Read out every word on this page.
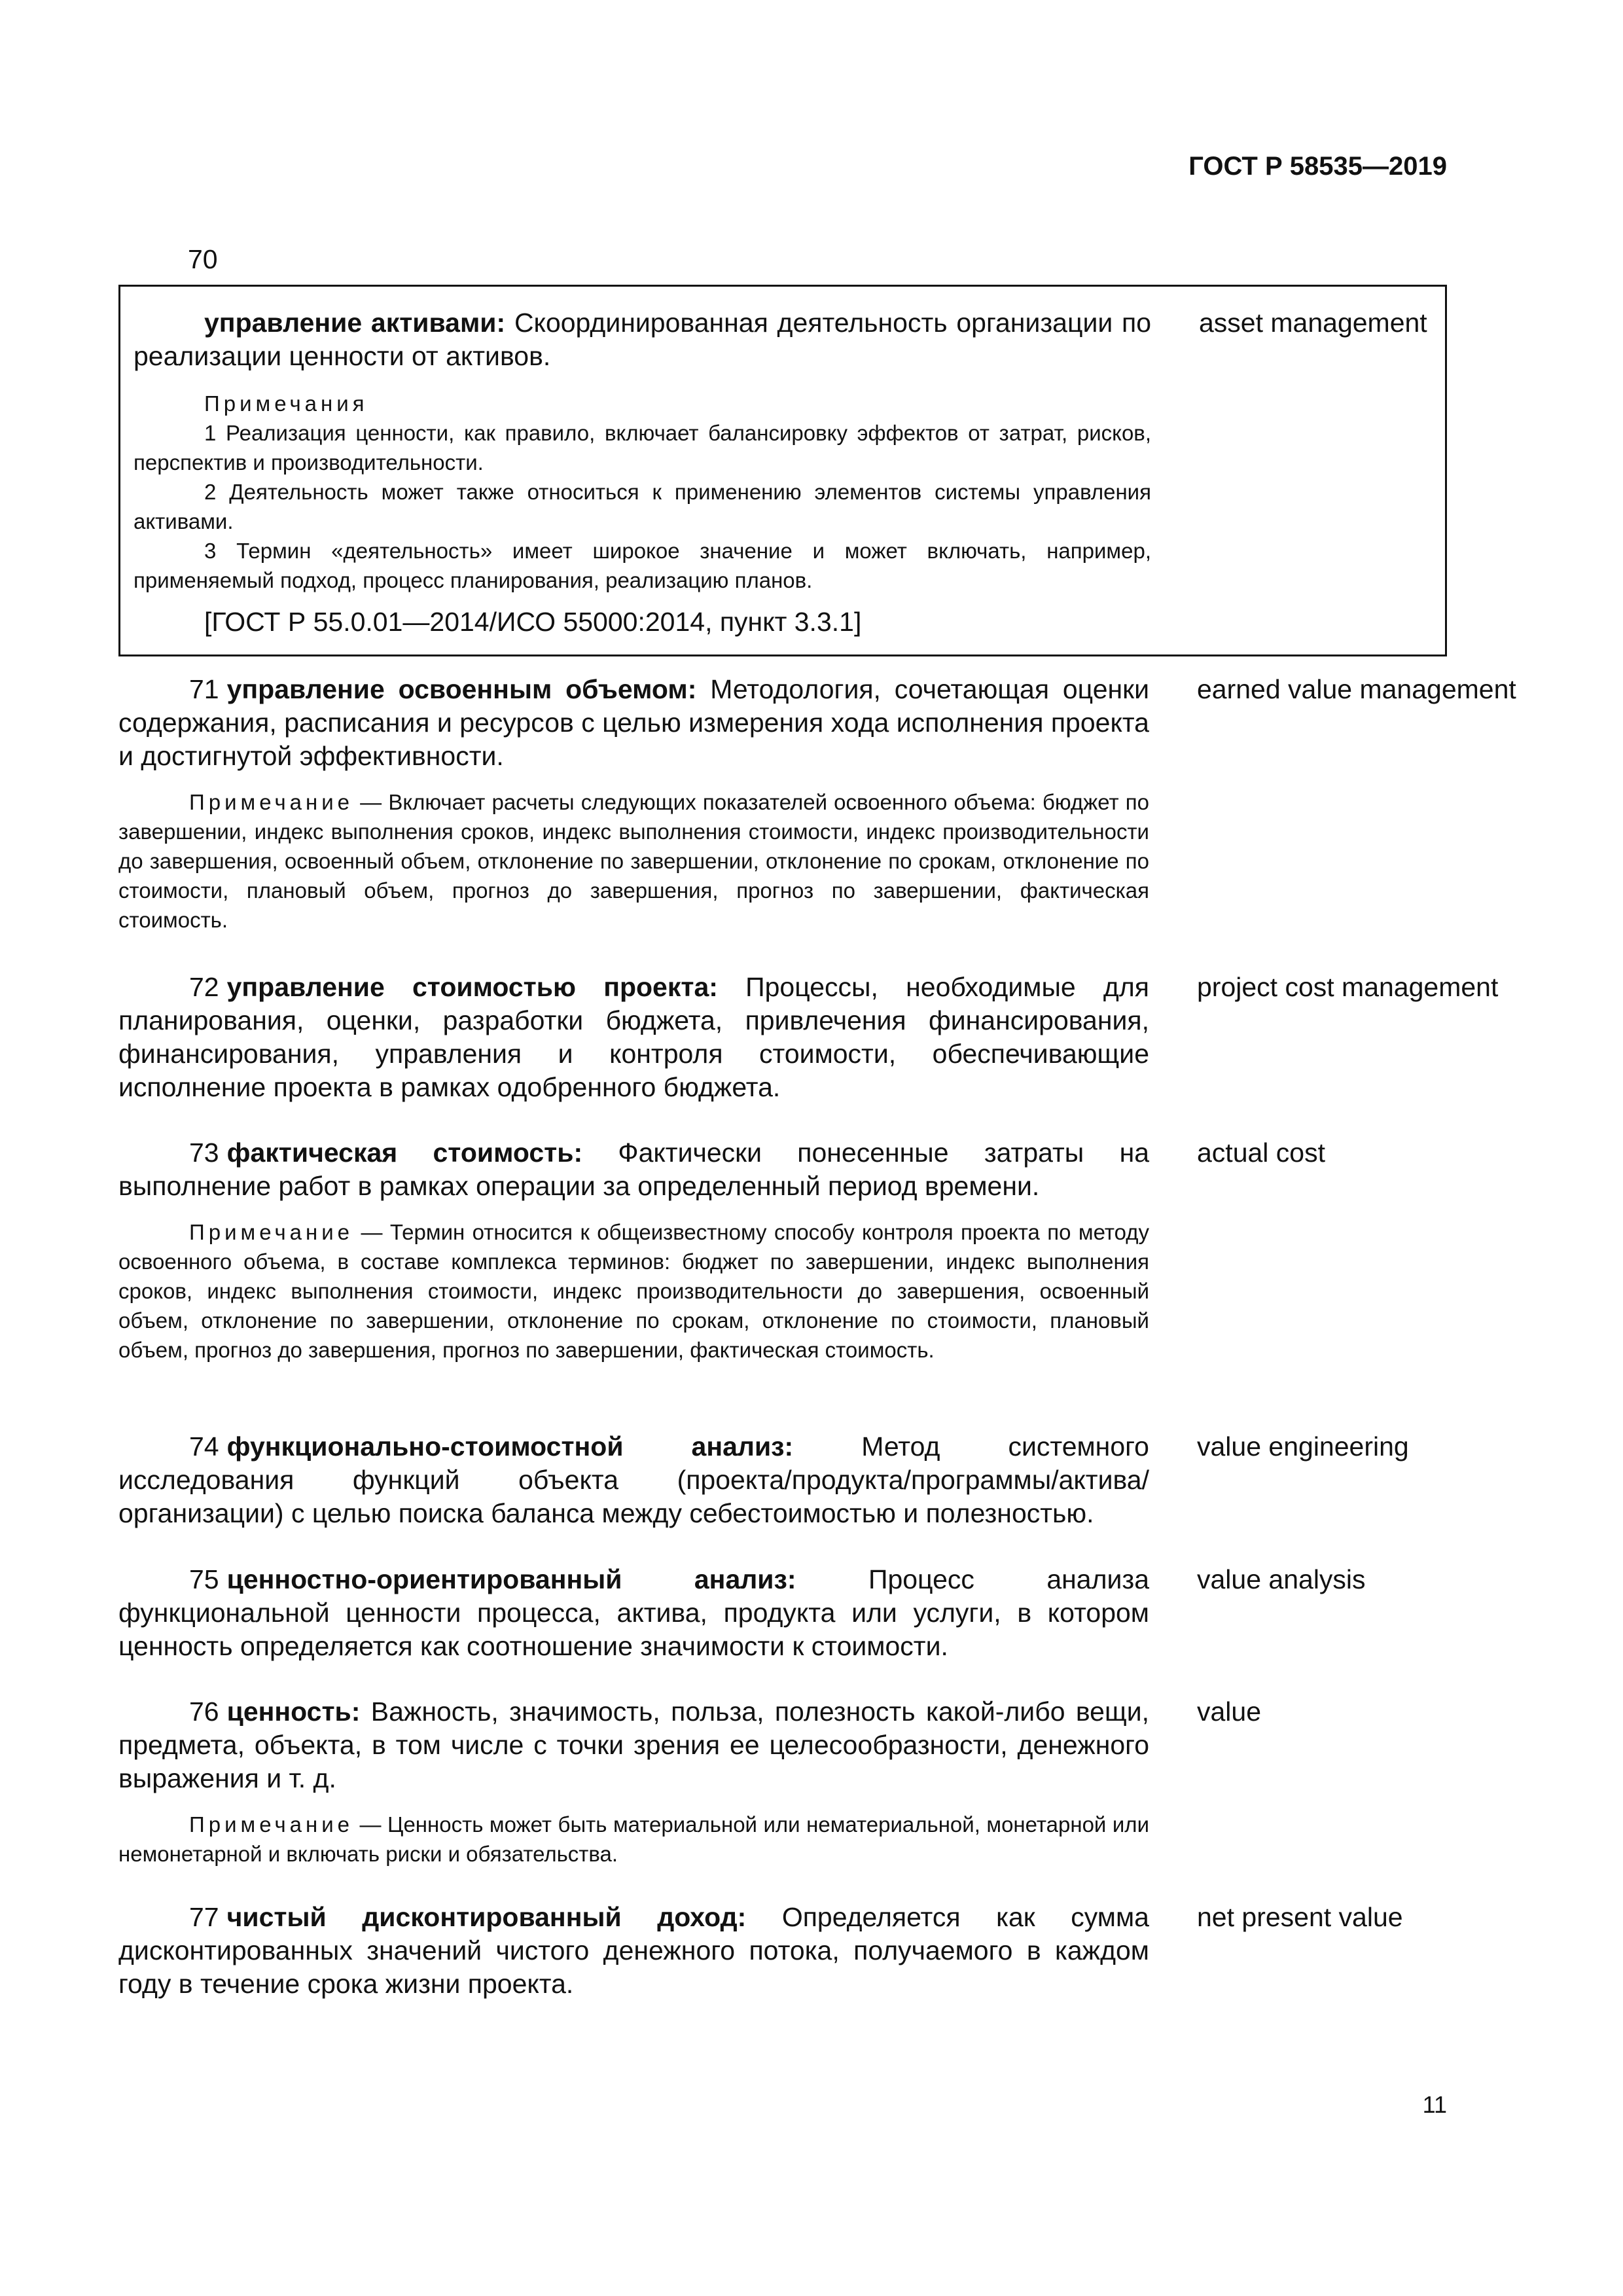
ГОСТ Р 58535—2019
70

управление активами: Скоординированная деятельность организации по реализации ценности от активов.

Примечания

1 Реализация ценности, как правило, включает балансировку эффектов от затрат, рисков, перспектив и производительности.

2 Деятельность может также относиться к применению элементов системы управления активами.

3 Термин «деятельность» имеет широкое значение и может включать, например, применяемый подход, процесс планирования, реализацию планов.

[ГОСТ Р 55.0.01—2014/ИСО 55000:2014, пункт 3.3.1]

asset management

71 управление освоенным объемом: Методология, сочетающая оценки содержания, расписания и ресурсов с целью измерения хода исполнения проекта и достигнутой эффективности.

Примечание — Включает расчеты следующих показателей освоенного объема: бюджет по завершении, индекс выполнения сроков, индекс выполнения стоимости, индекс производительности до завершения, освоенный объем, отклонение по завершении, отклонение по срокам, отклонение по стоимости, плановый объем, прогноз до завершения, прогноз по завершении, фактическая стоимость.

earned value management

72 управление стоимостью проекта: Процессы, необходимые для планирования, оценки, разработки бюджета, привлечения финансирования, финансирования, управления и контроля стоимости, обеспечивающие исполнение проекта в рамках одобренного бюджета.

project cost management

73 фактическая стоимость: Фактически понесенные затраты на выполнение работ в рамках операции за определенный период времени.

Примечание — Термин относится к общеизвестному способу контроля проекта по методу освоенного объема, в составе комплекса терминов: бюджет по завершении, индекс выполнения сроков, индекс выполнения стоимости, индекс производительности до завершения, освоенный объем, отклонение по завершении, отклонение по срокам, отклонение по стоимости, плановый объем, прогноз до завершения, прогноз по завершении, фактическая стоимость.

actual cost

74 функционально-стоимостной анализ:	Метод системного исследования функций объекта (проекта/продукта/программы/актива/организации) с целью поиска баланса между себестоимостью и полезностью.

value engineering

75 ценностно-ориентированный анализ:	Процесс анализа функциональной ценности процесса, актива, продукта или услуги, в котором ценность определяется как соотношение значимости к стоимости.

value analysis

76 ценность: Важность, значимость, польза, полезность какой-либо вещи, предмета, объекта, в том числе с точки зрения ее целесообразности, денежного выражения и т. д.

Примечание — Ценность может быть материальной или нематериальной, монетарной или немонетарной и включать риски и обязательства.

value

77 чистый дисконтированный доход: Определяется как сумма дисконтированных значений чистого денежного потока, получаемого в каждом году в течение срока жизни проекта.

net present value
11
